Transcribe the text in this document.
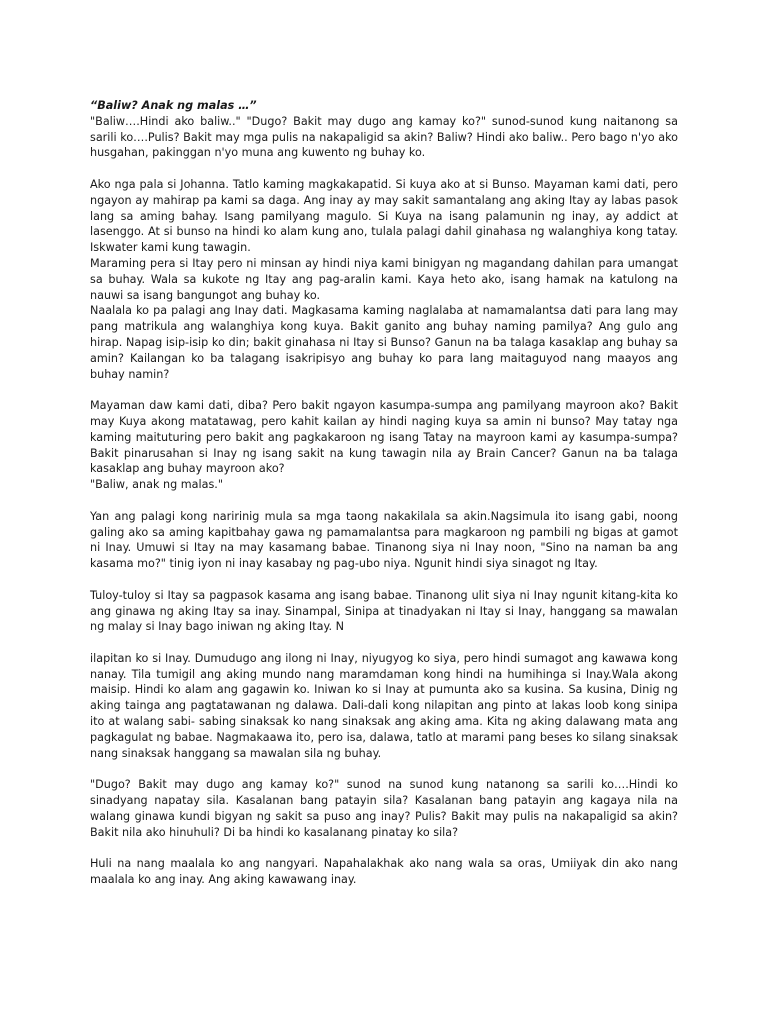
“Baliw? Anak ng malas …”

"Baliw….Hindi ako baliw.." "Dugo? Bakit may dugo ang kamay ko?" sunod-sunod kung naitanong sa sarili ko….Pulis? Bakit may mga pulis na nakapaligid sa akin? Baliw? Hindi ako baliw.. Pero bago n'yo ako husgahan, pakinggan n'yo muna ang kuwento ng buhay ko.

Ako nga pala si Johanna. Tatlo kaming magkakapatid. Si kuya ako at si Bunso. Mayaman kami dati, pero ngayon ay mahirap pa kami sa daga. Ang inay ay may sakit samantalang ang aking Itay ay labas pasok lang sa aming bahay. Isang pamilyang magulo. Si Kuya na isang palamunin ng inay, ay addict at lasenggo. At si bunso na hindi ko alam kung ano, tulala palagi dahil ginahasa ng walanghiya kong tatay. Iskwater kami kung tawagin.

Maraming pera si Itay pero ni minsan ay hindi niya kami binigyan ng magandang dahilan para umangat sa buhay. Wala sa kukote ng Itay ang pag-aralin kami. Kaya heto ako, isang hamak na katulong na nauwi sa isang bangungot ang buhay ko.

Naalala ko pa palagi ang Inay dati. Magkasama kaming naglalaba at namamalantsa dati para lang may pang matrikula ang walanghiya kong kuya. Bakit ganito ang buhay naming pamilya? Ang gulo ang hirap. Napag isip-isip ko din; bakit ginahasa ni Itay si Bunso? Ganun na ba talaga kasaklap ang buhay sa amin? Kailangan ko ba talagang isakripisyo ang buhay ko para lang maitaguyod nang maayos ang buhay namin?

Mayaman daw kami dati, diba? Pero bakit ngayon kasumpa-sumpa ang pamilyang mayroon ako? Bakit may Kuya akong matatawag, pero kahit kailan ay hindi naging kuya sa amin ni bunso? May tatay nga kaming maituturing pero bakit ang pagkakaroon ng isang Tatay na mayroon kami ay kasumpa-sumpa? Bakit pinarusahan si Inay ng isang sakit na kung tawagin nila ay Brain Cancer? Ganun na ba talaga kasaklap ang buhay mayroon ako?

"Baliw, anak ng malas."

Yan ang palagi kong naririnig mula sa mga taong nakakilala sa akin.Nagsimula ito isang gabi, noong galing ako sa aming kapitbahay gawa ng pamamalantsa para magkaroon ng pambili ng bigas at gamot ni Inay. Umuwi si Itay na may kasamang babae. Tinanong siya ni Inay noon, "Sino na naman ba ang kasama mo?" tinig iyon ni inay kasabay ng pag-ubo niya. Ngunit hindi siya sinagot ng Itay.

Tuloy-tuloy si Itay sa pagpasok kasama ang isang babae. Tinanong ulit siya ni Inay ngunit kitang-kita ko ang ginawa ng aking Itay sa inay. Sinampal, Sinipa at tinadyakan ni Itay si Inay, hanggang sa mawalan ng malay si Inay bago iniwan ng aking Itay. N

ilapitan ko si Inay. Dumudugo ang ilong ni Inay, niyugyog ko siya, pero hindi sumagot ang kawawa kong nanay. Tila tumigil ang aking mundo nang maramdaman kong hindi na humihinga si Inay.Wala akong maisip. Hindi ko alam ang gagawin ko. Iniwan ko si Inay at pumunta ako sa kusina. Sa kusina, Dinig ng aking tainga ang pagtatawanan ng dalawa. Dali-dali kong nilapitan ang pinto at lakas loob kong sinipa ito at walang sabi- sabing sinaksak ko nang sinaksak ang aking ama. Kita ng aking dalawang mata ang pagkagulat ng babae. Nagmakaawa ito, pero isa, dalawa, tatlo at marami pang beses ko silang sinaksak nang sinaksak hanggang sa mawalan sila ng buhay.

"Dugo? Bakit may dugo ang kamay ko?" sunod na sunod kung natanong sa sarili ko….Hindi ko sinadyang napatay sila. Kasalanan bang patayin sila? Kasalanan bang patayin ang kagaya nila na walang ginawa kundi bigyan ng sakit sa puso ang inay? Pulis? Bakit may pulis na nakapaligid sa akin? Bakit nila ako hinuhuli? Di ba hindi ko kasalanang pinatay ko sila?

Huli na nang maalala ko ang nangyari. Napahalakhak ako nang wala sa oras, Umiiyak din ako nang maalala ko ang inay. Ang aking kawawang inay.
